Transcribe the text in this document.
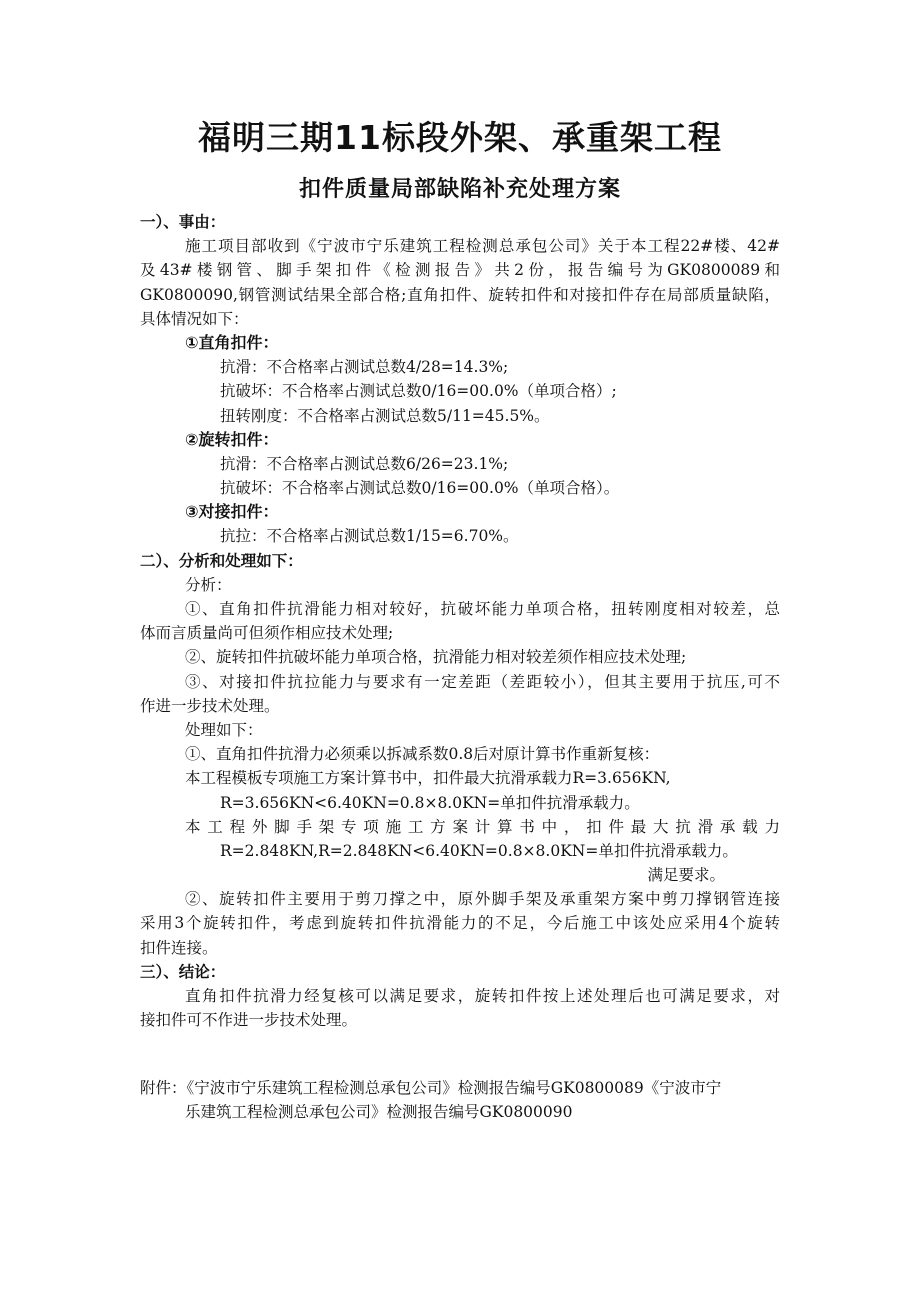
福明三期11标段外架、承重架工程
扣件质量局部缺陷补充处理方案
一）、事由：
施工项目部收到《宁波市宁乐建筑工程检测总承包公司》关于本工程22#楼、42#
及43#楼钢管、脚手架扣件《检测报告》共2份，报告编号为GK0800089和
GK0800090,钢管测试结果全部合格;直角扣件、旋转扣件和对接扣件存在局部质量缺陷，
具体情况如下：
①直角扣件：
抗滑：不合格率占测试总数4/28=14.3%;
抗破坏：不合格率占测试总数0/16=00.0%（单项合格）;
扭转刚度：不合格率占测试总数5/11=45.5%。
②旋转扣件：
抗滑：不合格率占测试总数6/26=23.1%;
抗破坏：不合格率占测试总数0/16=00.0%（单项合格）。
③对接扣件：
抗拉：不合格率占测试总数1/15=6.70%。
二）、分析和处理如下：
分析：
①、直角扣件抗滑能力相对较好，抗破坏能力单项合格，扭转刚度相对较差，总
体而言质量尚可但须作相应技术处理;
②、旋转扣件抗破坏能力单项合格，抗滑能力相对较差须作相应技术处理;
③、对接扣件抗拉能力与要求有一定差距（差距较小），但其主要用于抗压,可不
作进一步技术处理。
处理如下：
①、直角扣件抗滑力必须乘以拆减系数0.8后对原计算书作重新复核：
本工程模板专项施工方案计算书中，扣件最大抗滑承载力R=3.656KN,
R=3.656KN<6.40KN=0.8×8.0KN=单扣件抗滑承载力。
本工程外脚手架专项施工方案计算书中，扣件最大抗滑承载力
R=2.848KN,R=2.848KN<6.40KN=0.8×8.0KN=单扣件抗滑承载力。
满足要求。
②、旋转扣件主要用于剪刀撑之中，原外脚手架及承重架方案中剪刀撑钢管连接
采用3个旋转扣件，考虑到旋转扣件抗滑能力的不足，今后施工中该处应采用4个旋转
扣件连接。
三）、结论：
直角扣件抗滑力经复核可以满足要求，旋转扣件按上述处理后也可满足要求，对
接扣件可不作进一步技术处理。
附件：《宁波市宁乐建筑工程检测总承包公司》检测报告编号GK0800089《宁波市宁
乐建筑工程检测总承包公司》检测报告编号GK0800090
